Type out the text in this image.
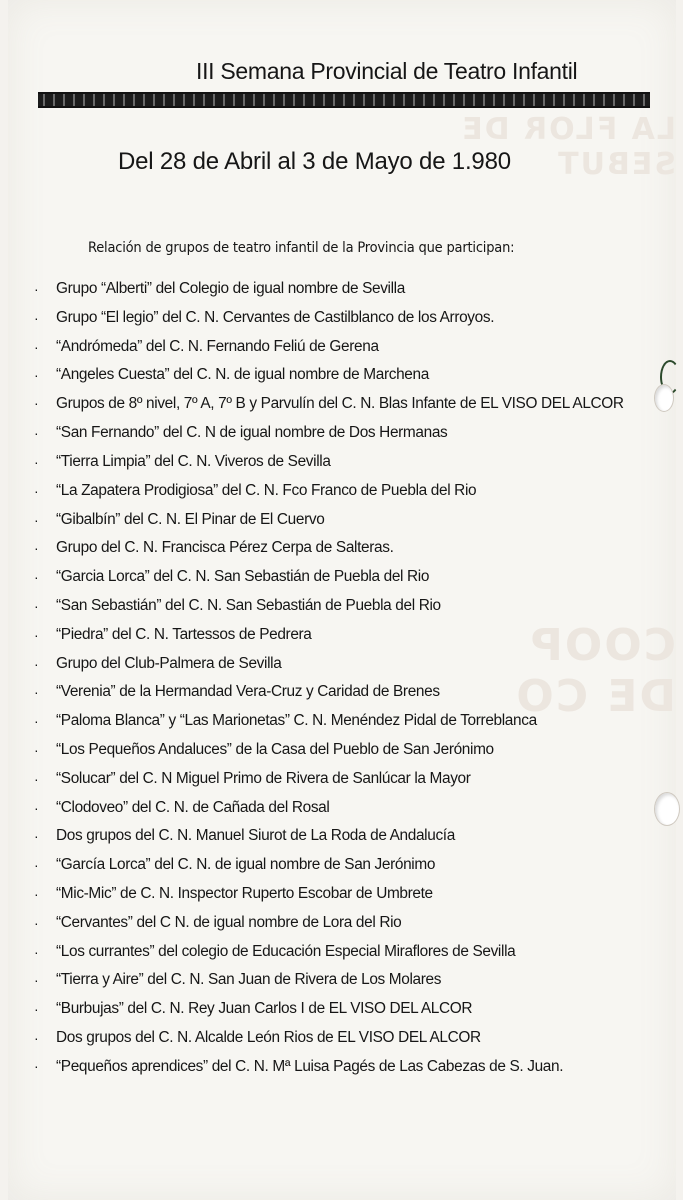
LA FLOR DE SEBUT
COOP DE CO
III Semana Provincial de Teatro Infantil
Del 28 de Abril al 3 de Mayo de 1.980
Relación de grupos de teatro infantil de la Provincia que participan:
· Grupo “Alberti” del Colegio de igual nombre de Sevilla
· Grupo “El legio” del C. N. Cervantes de Castilblanco de los Arroyos.
· “Andrómeda” del C. N. Fernando Feliú de Gerena
· “Angeles Cuesta” del C. N. de igual nombre de Marchena
· Grupos de 8º nivel, 7º A, 7º B y Parvulín del C. N. Blas Infante de EL VISO DEL ALCOR
· “San Fernando” del C. N de igual nombre de Dos Hermanas
· “Tierra Limpia” del C. N. Viveros de Sevilla
· “La Zapatera Prodigiosa” del C. N. Fco Franco de Puebla del Rio
· “Gibalbín” del C. N. El Pinar de El Cuervo
· Grupo del C. N. Francisca Pérez Cerpa de Salteras.
· “Garcia Lorca” del C. N. San Sebastián de Puebla del Rio
· “San Sebastián” del C. N. San Sebastián de Puebla del Rio
· “Piedra” del C. N. Tartessos de Pedrera
· Grupo del Club-Palmera de Sevilla
· “Verenia” de la Hermandad Vera-Cruz y Caridad de Brenes
· “Paloma Blanca” y “Las Marionetas” C. N. Menéndez Pidal de Torreblanca
· “Los Pequeños Andaluces” de la Casa del Pueblo de San Jerónimo
· “Solucar” del C. N Miguel Primo de Rivera de Sanlúcar la Mayor
· “Clodoveo” del C. N. de Cañada del Rosal
· Dos grupos del C. N. Manuel Siurot de La Roda de Andalucía
· “García Lorca” del C. N. de igual nombre de San Jerónimo
· “Mic-Mic” de C. N. Inspector Ruperto Escobar de Umbrete
· “Cervantes” del C N. de igual nombre de Lora del Rio
· “Los currantes” del colegio de Educación Especial Miraflores de Sevilla
· “Tierra y Aire” del C. N. San Juan de Rivera de Los Molares
· “Burbujas” del C. N. Rey Juan Carlos I de EL VISO DEL ALCOR
· Dos grupos del C. N. Alcalde León Rios de EL VISO DEL ALCOR
· “Pequeños aprendices” del C. N. Mª Luisa Pagés de Las Cabezas de S. Juan.
